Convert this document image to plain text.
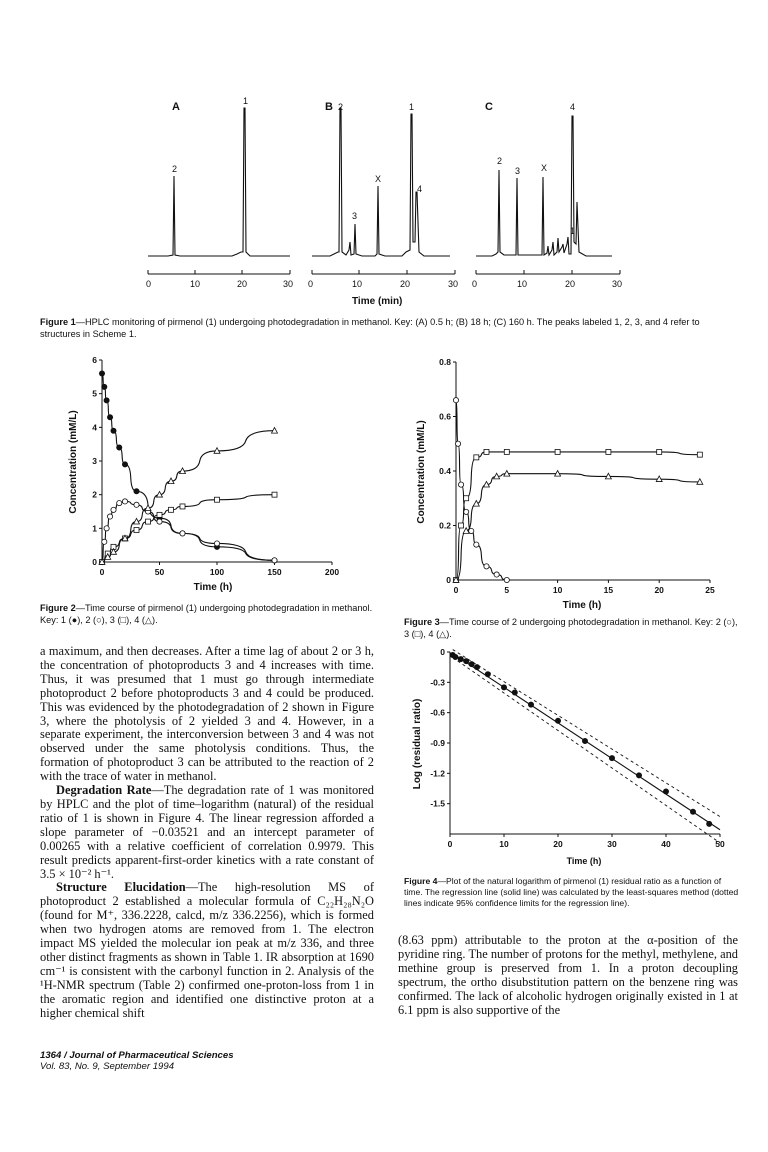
A
2
1
0	10	20	30
B 2
3
X
1
4
0	10	20	30
C
2
3 X
1
4
0	10	20	30
Time (min)
Figure 1—HPLC monitoring of pirmenol (1) undergoing photodegradation in methanol. Key: (A) 0.5 h; (B) 18 h; (C) 160 h. The peaks labeled 1, 2, 3, and 4 refer to structures in Scheme 1.
0
1
2
3
4
5
6
0	50	100	150	200
Concentration (mM/L)
Time (h)
Figure 2—Time course of pirmenol (1) undergoing photodegradation in methanol. Key: 1 (●), 2 (○), 3 (□), 4 (△).
0
0.2
0.4
0.6
0.8
0	5	10	15	20	25
Concentration (mM/L)
Time (h)
Figure 3—Time course of 2 undergoing photodegradation in methanol. Key: 2 (○), 3 (□), 4 (△).
0
-0.3
-0.6
-0.9
-1.2
-1.5
0	10	20	30	40	50
Log (residual ratio)
Time (h)
Figure 4—Plot of the natural logarithm of pirmenol (1) residual ratio as a function of time. The regression line (solid line) was calculated by the least-squares method (dotted lines indicate 95% confidence limits for the regression line).

a maximum, and then decreases. After a time lag of about 2 or 3 h, the concentration of photoproducts 3 and 4 increases with time. Thus, it was presumed that 1 must go through intermediate photoproduct 2 before photoproducts 3 and 4 could be produced. This was evidenced by the photodegradation of 2 shown in Figure 3, where the photolysis of 2 yielded 3 and 4. However, in a separate experiment, the interconversion between 3 and 4 was not observed under the same photolysis conditions. Thus, the formation of photoproduct 3 can be attributed to the reaction of 2 with the trace of water in methanol.

Degradation Rate—The degradation rate of 1 was monitored by HPLC and the plot of time–logarithm (natural) of the residual ratio of 1 is shown in Figure 4. The linear regression afforded a slope parameter of −0.03521 and an intercept parameter of 0.00265 with a relative coefficient of correlation 0.9979. This result predicts apparent-first-order kinetics with a rate constant of 3.5 × 10⁻² h⁻¹.

Structure Elucidation—The high-resolution MS of photoproduct 2 established a molecular formula of C₂₂H₂₈N₂O (found for M⁺, 336.2228, calcd, m/z 336.2256), which is formed when two hydrogen atoms are removed from 1. The electron impact MS yielded the molecular ion peak at m/z 336, and three other distinct fragments as shown in Table 1. IR absorption at 1690 cm⁻¹ is consistent with the carbonyl function in 2. Analysis of the ¹H-NMR spectrum (Table 2) confirmed one-proton-loss from 1 in the aromatic region and identified one distinctive proton at a higher chemical shift

(8.63 ppm) attributable to the proton at the α-position of the pyridine ring. The number of protons for the methyl, methylene, and methine group is preserved from 1. In a proton decoupling spectrum, the ortho disubstitution pattern on the benzene ring was confirmed. The lack of alcoholic hydrogen originally existed in 1 at 6.1 ppm is also supportive of the

1364 / Journal of Pharmaceutical Sciences
Vol. 83, No. 9, September 1994
